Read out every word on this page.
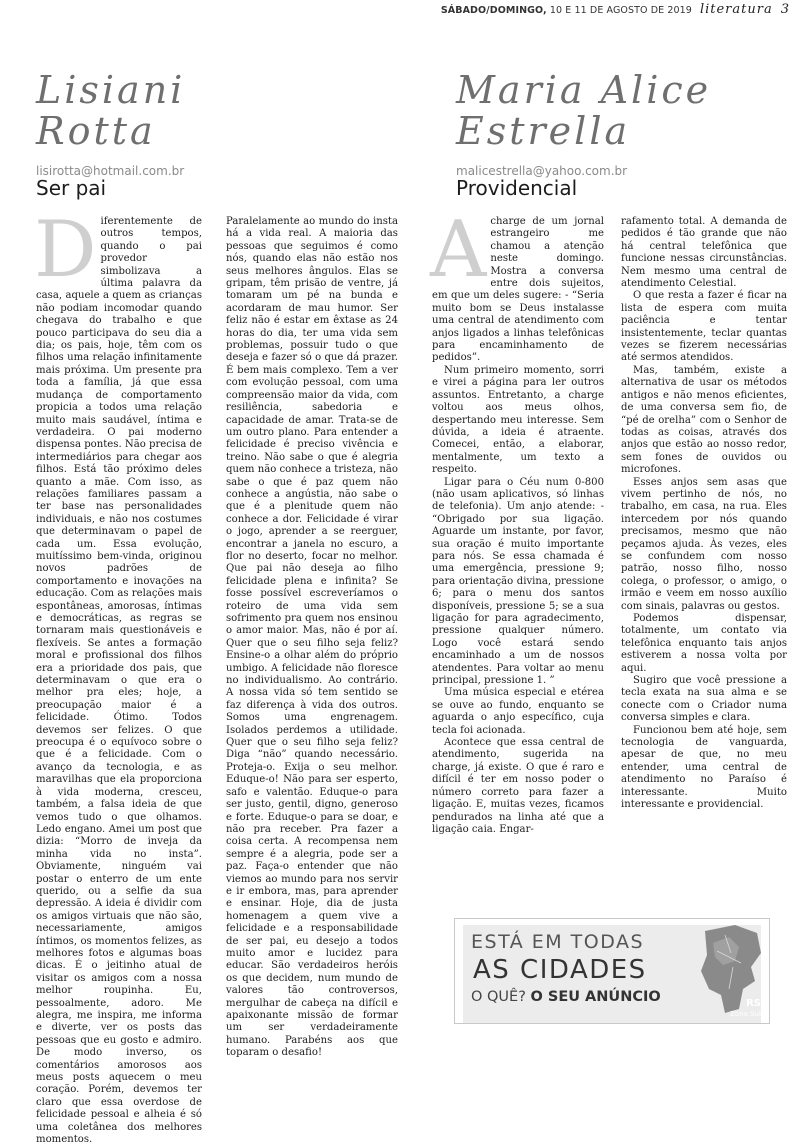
SÁBADO/DOMINGO, 10 E 11 DE AGOSTO DE 2019 literatura 3
Lisiani
Rotta
lisirotta@hotmail.com.br
Ser pai
Maria Alice
Estrella
malicestrella@yahoo.com.br
Providencial
D iferentemente de outros tempos, quando o pai provedor simbolizava a última palavra da casa, aquele a quem as crianças não podiam incomodar quando chegava do trabalho e que pouco participava do seu dia a dia; os pais, hoje, têm com os filhos uma relação infinitamente mais próxima. Um presente pra toda a família, já que essa mudança de comportamento propicia a todos uma relação muito mais saudável, íntima e verdadeira. O pai moderno dispensa pontes. Não precisa de intermediários para chegar aos filhos. Está tão próximo deles quanto a mãe. Com isso, as relações familiares passam a ter base nas personalidades individuais, e não nos costumes que determinavam o papel de cada um. Essa evolução, muitíssimo bem-vinda, originou novos padrões de comportamento e inovações na educação. Com as relações mais espontâneas, amorosas, íntimas e democráticas, as regras se tornaram mais questionáveis e flexíveis. Se antes a formação moral e profissional dos filhos era a prioridade dos pais, que determinavam o que era o melhor pra eles; hoje, a preocupação maior é a felicidade. Ótimo. Todos devemos ser felizes. O que preocupa é o equívoco sobre o que é a felicidade. Com o avanço da tecnologia, e as maravilhas que ela proporciona à vida moderna, cresceu, também, a falsa ideia de que vemos tudo o que olhamos. Ledo engano. Amei um post que dizia: “Morro de inveja da minha vida no insta”. Obviamente, ninguém vai postar o enterro de um ente querido, ou a selfie da sua depressão. A ideia é dividir com os amigos virtuais que não são, necessariamente, amigos íntimos, os momentos felizes, as melhores fotos e algumas boas dicas. É o jeitinho atual de visitar os amigos com a nossa melhor roupinha. Eu, pessoalmente, adoro. Me alegra, me inspira, me informa e diverte, ver os posts das pessoas que eu gosto e admiro. De modo inverso, os comentários amorosos aos meus posts aquecem o meu coração. Porém, devemos ter claro que essa overdose de felicidade pessoal e alheia é só uma coletânea dos melhores momentos.

Paralelamente ao mundo do insta há a vida real. A maioria das pessoas que seguimos é como nós, quando elas não estão nos seus melhores ângulos. Elas se gripam, têm prisão de ventre, já tomaram um pé na bunda e acordaram de mau humor. Ser feliz não é estar em êxtase as 24 horas do dia, ter uma vida sem problemas, possuir tudo o que deseja e fazer só o que dá prazer. É bem mais complexo. Tem a ver com evolução pessoal, com uma compreensão maior da vida, com resiliência, sabedoria e capacidade de amar. Trata-se de um outro plano. Para entender a felicidade é preciso vivência e treino. Não sabe o que é alegria quem não conhece a tristeza, não sabe o que é paz quem não conhece a angústia, não sabe o que é a plenitude quem não conhece a dor. Felicidade é virar o jogo, aprender a se reerguer, encontrar a janela no escuro, a flor no deserto, focar no melhor. Que pai não deseja ao filho felicidade plena e infinita? Se fosse possível escreveríamos o roteiro de uma vida sem sofrimento pra quem nos ensinou o amor maior. Mas, não é por aí. Quer que o seu filho seja feliz? Ensine-o a olhar além do próprio umbigo. A felicidade não floresce no individualismo. Ao contrário. A nossa vida só tem sentido se faz diferença à vida dos outros. Somos uma engrenagem. Isolados perdemos a utilidade. Quer que o seu filho seja feliz? Diga “não” quando necessário. Proteja-o. Exija o seu melhor. Eduque-o! Não para ser esperto, safo e valentão. Eduque-o para ser justo, gentil, digno, generoso e forte. Eduque-o para se doar, e não pra receber. Pra fazer a coisa certa. A recompensa nem sempre é a alegria, pode ser a paz. Faça-o entender que não viemos ao mundo para nos servir e ir embora, mas, para aprender e ensinar. Hoje, dia de justa homenagem a quem vive a felicidade e a responsabilidade de ser pai, eu desejo a todos muito amor e lucidez para educar. São verdadeiros heróis os que decidem, num mundo de valores tão controversos, mergulhar de cabeça na difícil e apaixonante missão de formar um ser verdadeiramente humano. Parabéns aos que toparam o desafio!

A charge de um jornal estrangeiro me chamou a atenção neste domingo. Mostra a conversa entre dois sujeitos, em que um deles sugere: - “Seria muito bom se Deus instalasse uma central de atendimento com anjos ligados a linhas telefônicas para encaminhamento de pedidos”.

Num primeiro momento, sorri e virei a página para ler outros assuntos. Entretanto, a charge voltou aos meus olhos, despertando meu interesse. Sem dúvida, a ideia é atraente. Comecei, então, a elaborar, mentalmente, um texto a respeito.

Ligar para o Céu num 0-800 (não usam aplicativos, só linhas de telefonia). Um anjo atende: - “Obrigado por sua ligação. Aguarde um instante, por favor, sua oração é muito importante para nós. Se essa chamada é uma emergência, pressione 9; para orientação divina, pressione 6; para o menu dos santos disponíveis, pressione 5; se a sua ligação for para agradecimento, pressione qualquer número. Logo você estará sendo encaminhado a um de nossos atendentes. Para voltar ao menu principal, pressione 1. ”

Uma música especial e etérea se ouve ao fundo, enquanto se aguarda o anjo específico, cuja tecla foi acionada.

Acontece que essa central de atendimento, sugerida na charge, já existe. O que é raro e difícil é ter em nosso poder o número correto para fazer a ligação. E, muitas vezes, ficamos pendurados na linha até que a ligação caia. Engar-

rafamento total. A demanda de pedidos é tão grande que não há central telefônica que funcione nessas circunstâncias. Nem mesmo uma central de atendimento Celestial.

O que resta a fazer é ficar na lista de espera com muita paciência e tentar insistentemente, teclar quantas vezes se fizerem necessárias até sermos atendidos.

Mas, também, existe a alternativa de usar os métodos antigos e não menos eficientes, de uma conversa sem fio, de “pé de orelha” com o Senhor de todas as coisas, através dos anjos que estão ao nosso redor, sem fones de ouvidos ou microfones.

Esses anjos sem asas que vivem pertinho de nós, no trabalho, em casa, na rua. Eles intercedem por nós quando precisamos, mesmo que não peçamos ajuda. Às vezes, eles se confundem com nosso patrão, nosso filho, nosso colega, o professor, o amigo, o irmão e veem em nosso auxílio com sinais, palavras ou gestos.

Podemos dispensar, totalmente, um contato via telefônica enquanto tais anjos estiverem a nossa volta por aqui.

Sugiro que você pressione a tecla exata na sua alma e se conecte com o Criador numa conversa simples e clara.

Funcionou bem até hoje, sem tecnologia de vanguarda, apesar de que, no meu entender, uma central de atendimento no Paraíso é interessante. Muito interessante e providencial.

ESTÁ EM TODAS
AS CIDADES
O QUÊ? O SEU ANÚNCIO	RS
Zona Sul
